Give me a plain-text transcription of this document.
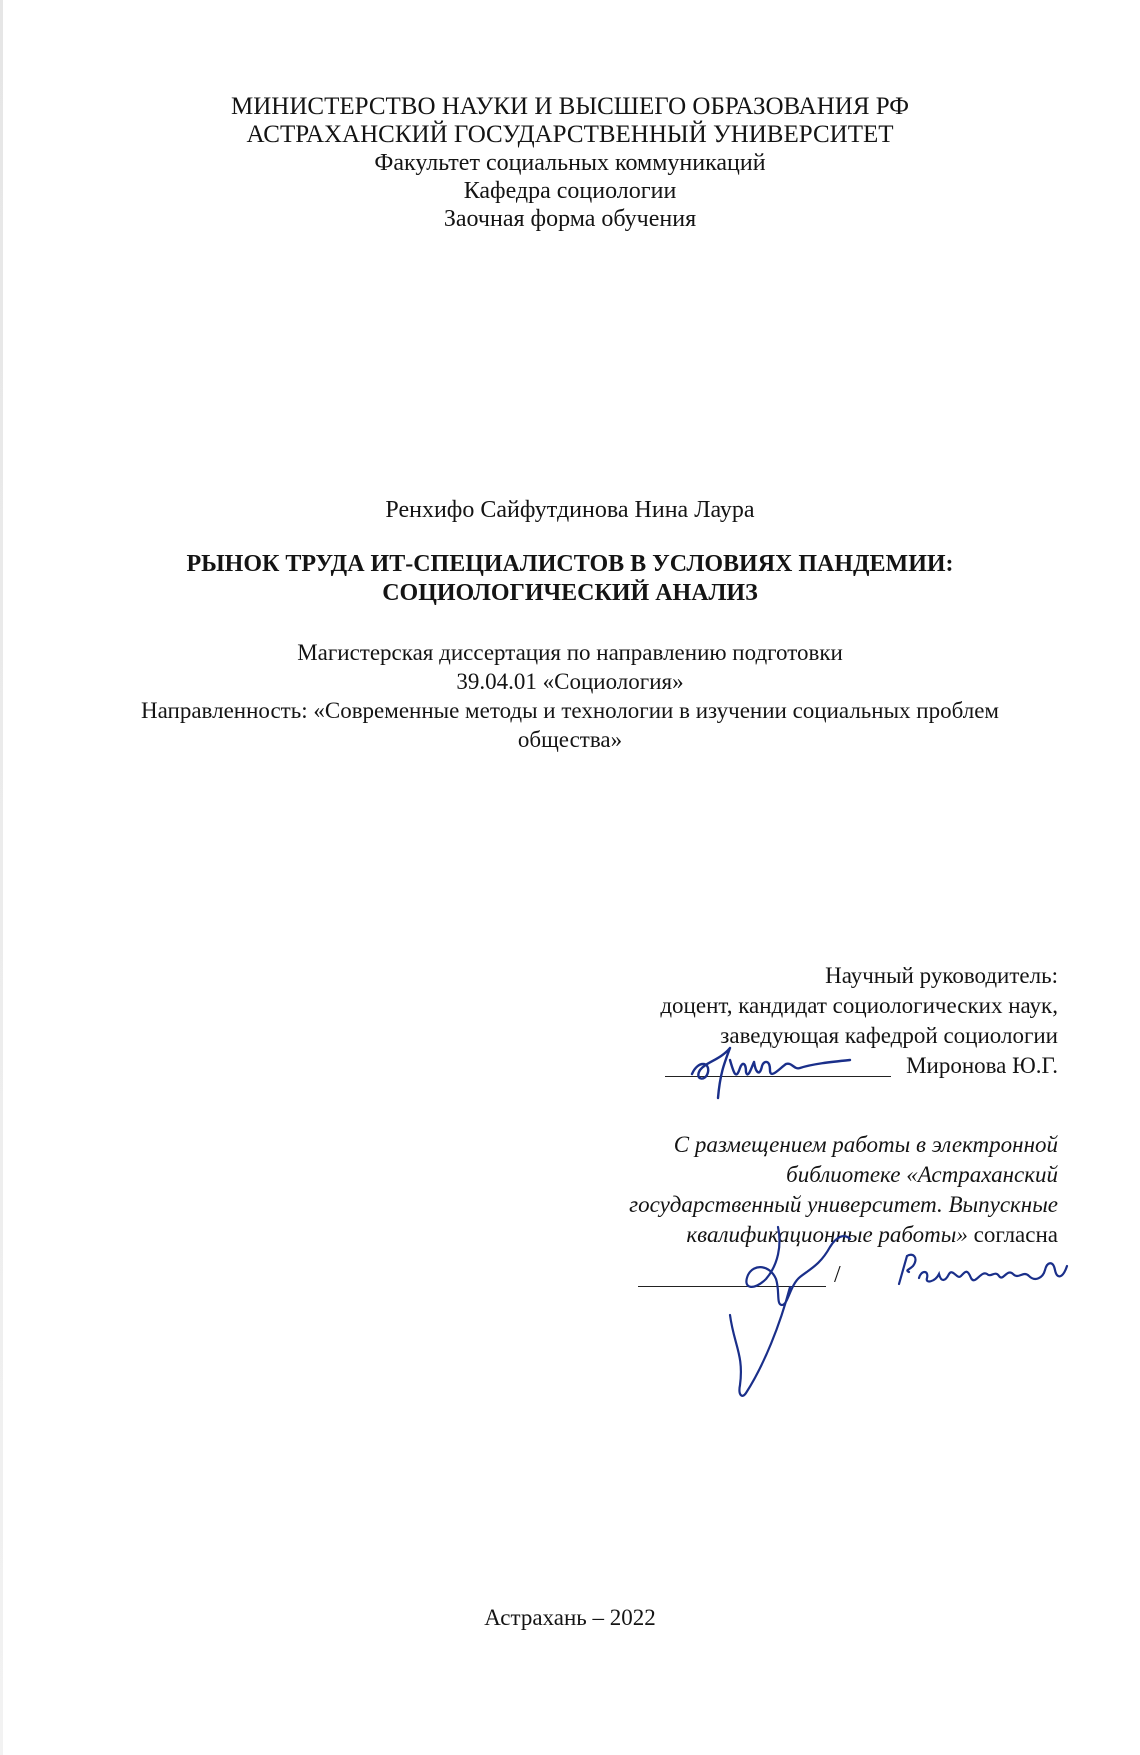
МИНИСТЕРСТВО НАУКИ И ВЫСШЕГО ОБРАЗОВАНИЯ РФ
АСТРАХАНСКИЙ ГОСУДАРСТВЕННЫЙ УНИВЕРСИТЕТ
Факультет социальных коммуникаций
Кафедра социологии
Заочная форма обучения
Ренхифо Сайфутдинова Нина Лаура
РЫНОК ТРУДА ИТ-СПЕЦИАЛИСТОВ В УСЛОВИЯХ ПАНДЕМИИ:
СОЦИОЛОГИЧЕСКИЙ АНАЛИЗ
Магистерская диссертация по направлению подготовки
39.04.01 «Социология»
Направленность: «Современные методы и технологии в изучении социальных проблем
общества»
Научный руководитель:
доцент, кандидат социологических наук,
заведующая кафедрой социологии
Миронова Ю.Г.
С размещением работы в электронной
библиотеке «Астраханский
государственный университет. Выпускные
квалификационные работы» согласна
/
Астрахань – 2022
